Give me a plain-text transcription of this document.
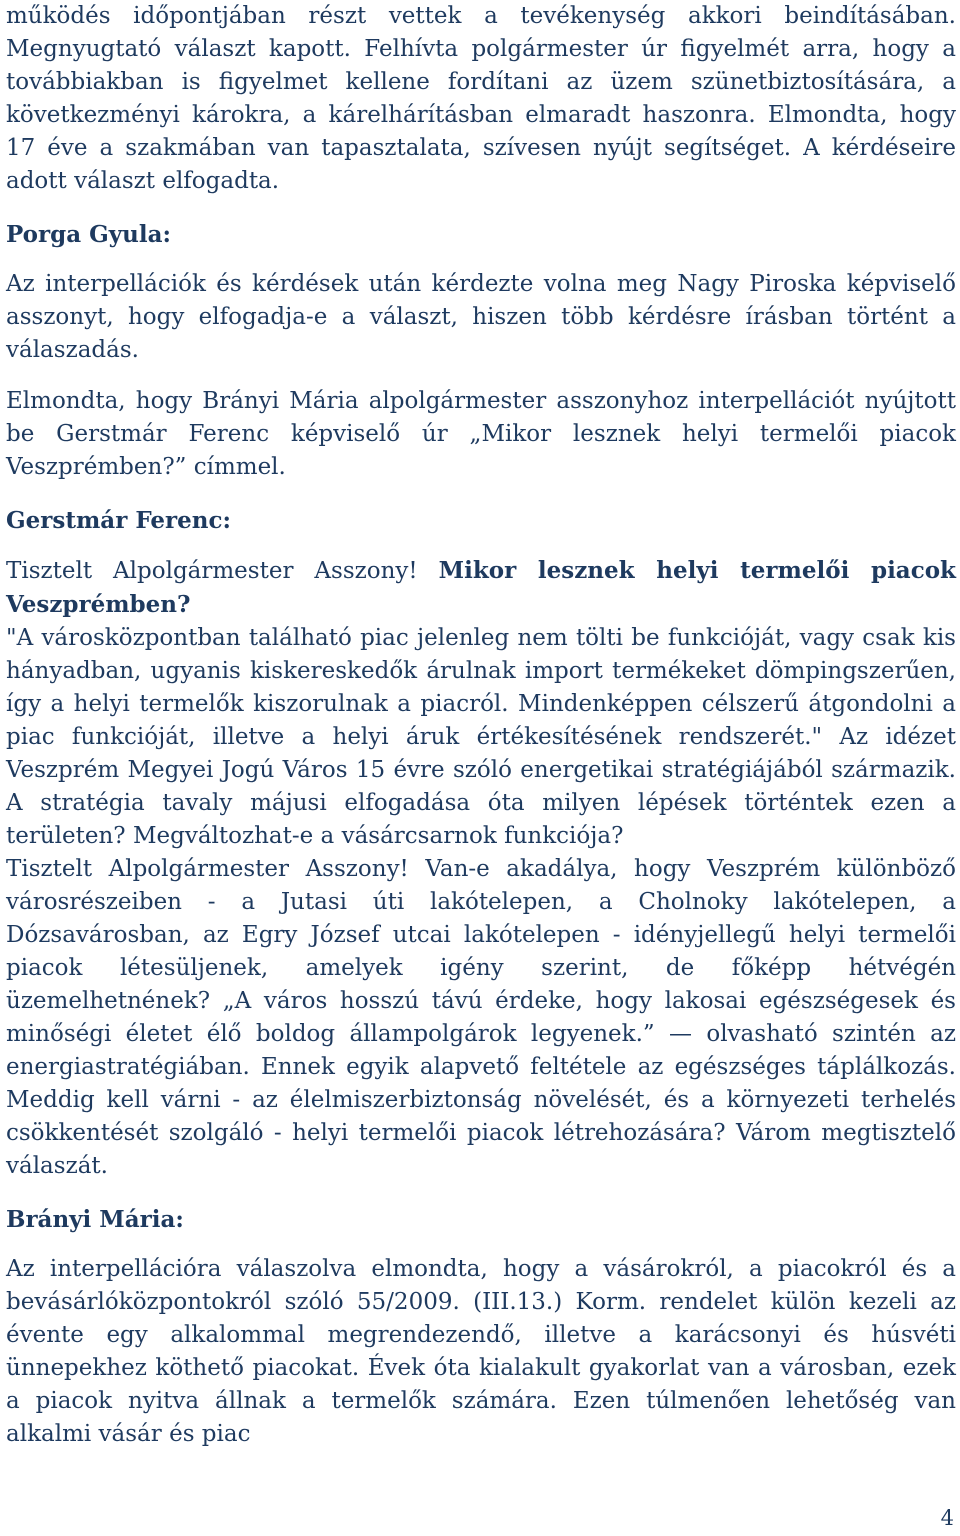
működés időpontjában részt vettek a tevékenység akkori beindításában. Megnyugtató választ kapott. Felhívta polgármester úr figyelmét arra, hogy a továbbiakban is figyelmet kellene fordítani az üzem szünetbiztosítására, a következményi károkra, a kárelhárításban elmaradt haszonra. Elmondta, hogy 17 éve a szakmában van tapasztalata, szívesen nyújt segítséget. A kérdéseire adott választ elfogadta.

Porga Gyula:

Az interpellációk és kérdések után kérdezte volna meg Nagy Piroska képviselő asszonyt, hogy elfogadja-e a választ, hiszen több kérdésre írásban történt a válaszadás.

Elmondta, hogy Brányi Mária alpolgármester asszonyhoz interpellációt nyújtott be Gerstmár Ferenc képviselő úr „Mikor lesznek helyi termelői piacok Veszprémben?” címmel.

Gerstmár Ferenc:

Tisztelt Alpolgármester Asszony! Mikor lesznek helyi termelői piacok Veszprémben?

"A városközpontban található piac jelenleg nem tölti be funkcióját, vagy csak kis hányadban, ugyanis kiskereskedők árulnak import termékeket dömpingszerűen, így a helyi termelők kiszorulnak a piacról. Mindenképpen célszerű átgondolni a piac funkcióját, illetve a helyi áruk értékesítésének rendszerét." Az idézet Veszprém Megyei Jogú Város 15 évre szóló energetikai stratégiájából származik. A stratégia tavaly májusi elfogadása óta milyen lépések történtek ezen a területen? Megváltozhat-e a vásárcsarnok funkciója?

Tisztelt Alpolgármester Asszony! Van-e akadálya, hogy Veszprém különböző városrészeiben - a Jutasi úti lakótelepen, a Cholnoky lakótelepen, a Dózsavárosban, az Egry József utcai lakótelepen - idényjellegű helyi termelői piacok létesüljenek, amelyek igény szerint, de főképp hétvégén üzemelhetnének? „A város hosszú távú érdeke, hogy lakosai egészségesek és minőségi életet élő boldog állampolgárok legyenek.” — olvasható szintén az energiastratégiában. Ennek egyik alapvető feltétele az egészséges táplálkozás. Meddig kell várni - az élelmiszerbiztonság növelését, és a környezeti terhelés csökkentését szolgáló - helyi termelői piacok létrehozására? Várom megtisztelő válaszát.

Brányi Mária:

Az interpellációra válaszolva elmondta, hogy a vásárokról, a piacokról és a bevásárlóközpontokról szóló 55/2009. (III.13.) Korm. rendelet külön kezeli az évente egy alkalommal megrendezendő, illetve a karácsonyi és húsvéti ünnepekhez köthető piacokat. Évek óta kialakult gyakorlat van a városban, ezek a piacok nyitva állnak a termelők számára. Ezen túlmenően lehetőség van alkalmi vásár és piac

4
